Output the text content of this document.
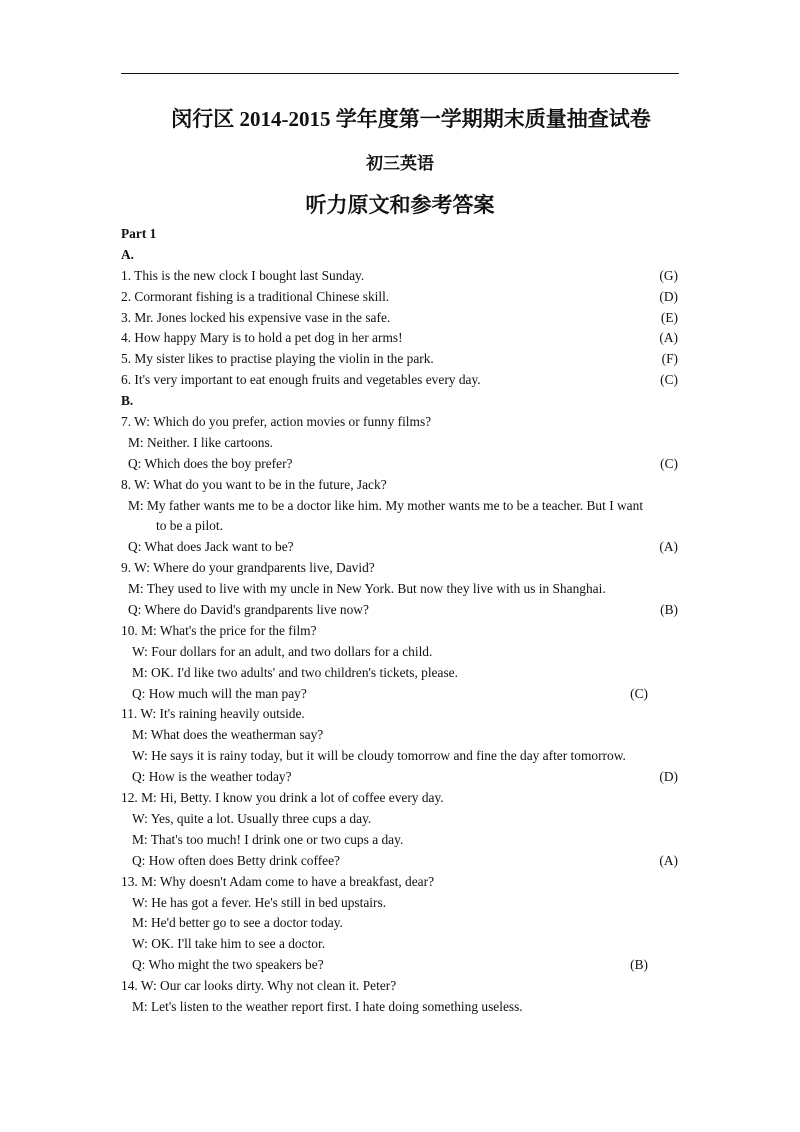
闵行区 2014-2015 学年度第一学期期末质量抽查试卷
初三英语
听力原文和参考答案
Part 1
A.
1. This is the new clock I bought last Sunday.	(G)
2. Cormorant fishing is a traditional Chinese skill.	(D)
3. Mr. Jones locked his expensive vase in the safe.	(E)
4. How happy Mary is to hold a pet dog in her arms!	(A)
5. My sister likes to practise playing the violin in the park.	(F)
6. It's very important to eat enough fruits and vegetables every day.	(C)
B.
7. W: Which do you prefer, action movies or funny films?
M: Neither. I like cartoons.
Q: Which does the boy prefer?	(C)
8. W: What do you want to be in the future, Jack?
M: My father wants me to be a doctor like him. My mother wants me to be a teacher. But I want
to be a pilot.
Q: What does Jack want to be?	(A)
9. W: Where do your grandparents live, David?
M: They used to live with my uncle in New York. But now they live with us in Shanghai.
Q: Where do David's grandparents live now?	(B)
10. M: What's the price for the film?
W: Four dollars for an adult, and two dollars for a child.
M: OK. I'd like two adults' and two children's tickets, please.
Q: How much will the man pay?	(C)
11. W: It's raining heavily outside.
M: What does the weatherman say?
W: He says it is rainy today, but it will be cloudy tomorrow and fine the day after tomorrow.
Q: How is the weather today?	(D)
12. M: Hi, Betty. I know you drink a lot of coffee every day.
W: Yes, quite a lot. Usually three cups a day.
M: That's too much! I drink one or two cups a day.
Q: How often does Betty drink coffee?	(A)
13. M: Why doesn't Adam come to have a breakfast, dear?
W: He has got a fever. He's still in bed upstairs.
M: He'd better go to see a doctor today.
W: OK. I'll take him to see a doctor.
Q: Who might the two speakers be?	(B)
14. W: Our car looks dirty. Why not clean it. Peter?
M: Let's listen to the weather report first. I hate doing something useless.
